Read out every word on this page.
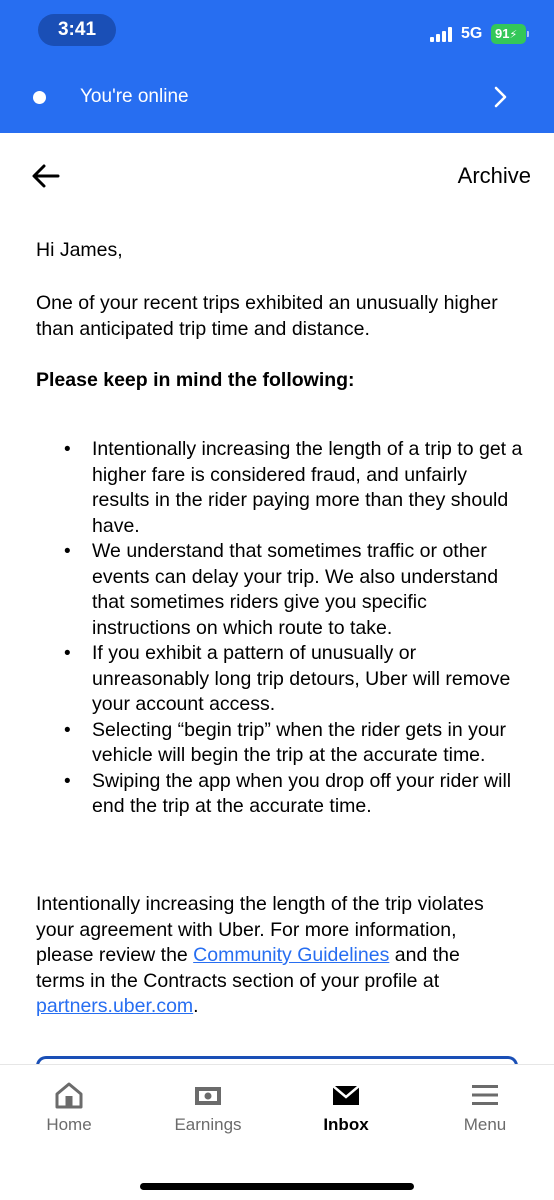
3:41	5G 91⚡
You're online
Archive

Hi James,

One of your recent trips exhibited an unusually higher than anticipated trip time and distance.

Please keep in mind the following:

• Intentionally increasing the length of a trip to get a higher fare is considered fraud, and unfairly results in the rider paying more than they should have.
• We understand that sometimes traffic or other events can delay your trip. We also understand that sometimes riders give you specific instructions on which route to take.
• If you exhibit a pattern of unusually or unreasonably long trip detours, Uber will remove your account access.
• Selecting “begin trip” when the rider gets in your vehicle will begin the trip at the accurate time.
• Swiping the app when you drop off your rider will end the trip at the accurate time.

Intentionally increasing the length of the trip violates your agreement with Uber. For more information, please review the Community Guidelines and the terms in the Contracts section of your profile at partners.uber.com.

Home	Earnings	Inbox	Menu
